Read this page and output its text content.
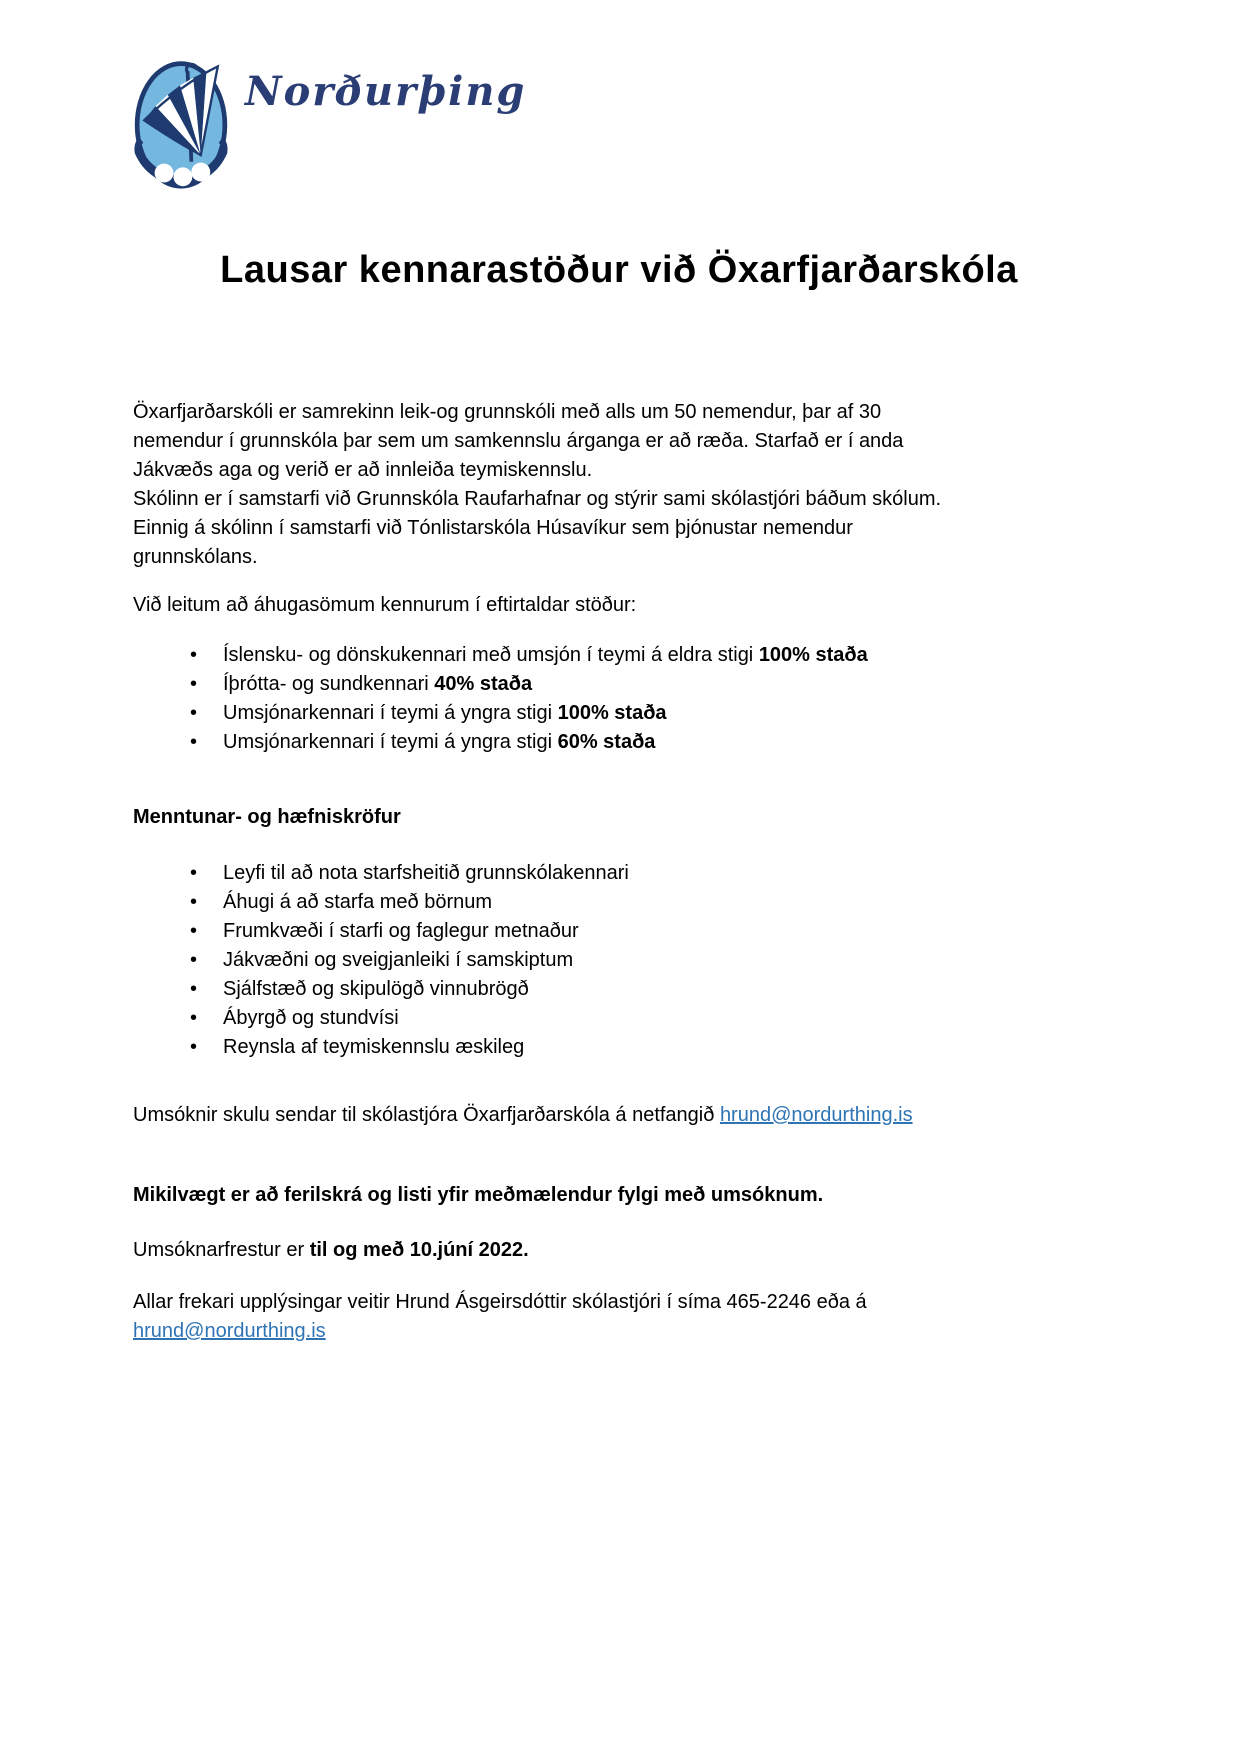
Norðurþing
Lausar kennarastöður við Öxarfjarðarskóla
Öxarfjarðarskóli er samrekinn leik-og grunnskóli með alls um 50 nemendur, þar af 30
nemendur í grunnskóla þar sem um samkennslu árganga er að ræða. Starfað er í anda
Jákvæðs aga og verið er að innleiða teymiskennslu.
Skólinn er í samstarfi við Grunnskóla Raufarhafnar og stýrir sami skólastjóri báðum skólum.
Einnig á skólinn í samstarfi við Tónlistarskóla Húsavíkur sem þjónustar nemendur
grunnskólans.

Við leitum að áhugasömum kennurum í eftirtaldar stöður:

•
Íslensku- og dönskukennari með umsjón í teymi á eldra stigi 100% staða
•
Íþrótta- og sundkennari 40% staða
•
Umsjónarkennari í teymi á yngra stigi 100% staða
•
Umsjónarkennari í teymi á yngra stigi 60% staða
Menntunar- og hæfniskröfur
•
Leyfi til að nota starfsheitið grunnskólakennari
•
Áhugi á að starfa með börnum
•
Frumkvæði í starfi og faglegur metnaður
•
Jákvæðni og sveigjanleiki í samskiptum
•
Sjálfstæð og skipulögð vinnubrögð
•
Ábyrgð og stundvísi
•
Reynsla af teymiskennslu æskileg

Umsóknir skulu sendar til skólastjóra Öxarfjarðarskóla á netfangið hrund@nordurthing.is

Mikilvægt er að ferilskrá og listi yfir meðmælendur fylgi með umsóknum.

Umsóknarfrestur er til og með 10.júní 2022.

Allar frekari upplýsingar veitir Hrund Ásgeirsdóttir skólastjóri í síma 465-2246 eða á
hrund@nordurthing.is
